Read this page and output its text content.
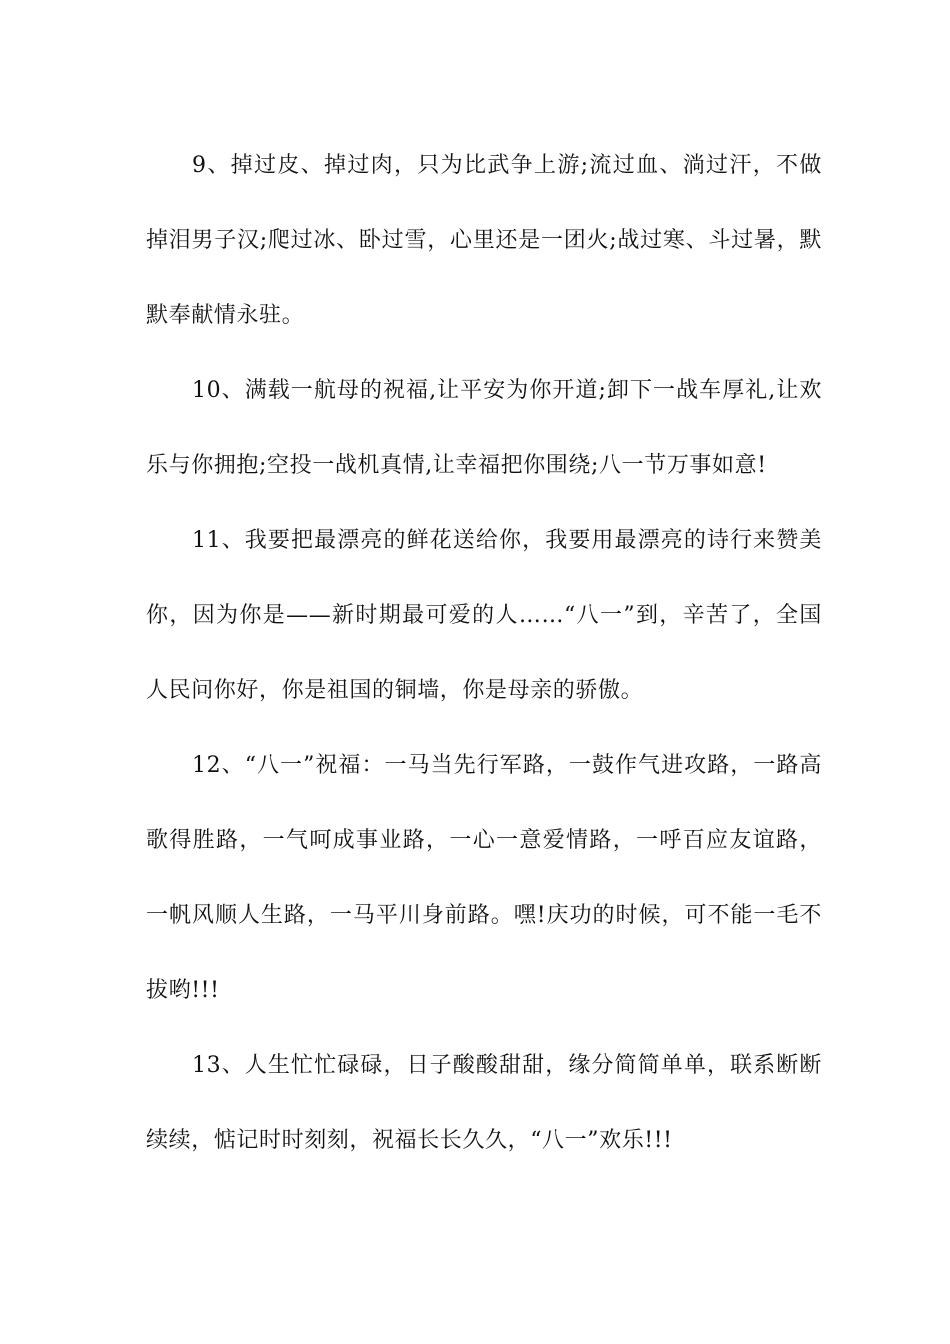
9、掉过皮、掉过肉，只为比武争上游;流过血、淌过汗，不做掉泪男子汉;爬过冰、卧过雪，心里还是一团火;战过寒、斗过暑，默默奉献情永驻。

10、满载一航母的祝福,让平安为你开道;卸下一战车厚礼,让欢乐与你拥抱;空投一战机真情,让幸福把你围绕;八一节万事如意!

11、我要把最漂亮的鲜花送给你，我要用最漂亮的诗行来赞美你，因为你是——新时期最可爱的人……“八一”到，辛苦了，全国人民问你好，你是祖国的铜墙，你是母亲的骄傲。

12、“八一”祝福：一马当先行军路，一鼓作气进攻路，一路高歌得胜路，一气呵成事业路，一心一意爱情路，一呼百应友谊路，一帆风顺人生路，一马平川身前路。嘿!庆功的时候，可不能一毛不拔哟!!!

13、人生忙忙碌碌，日子酸酸甜甜，缘分简简单单，联系断断续续，惦记时时刻刻，祝福长长久久，“八一”欢乐!!!
